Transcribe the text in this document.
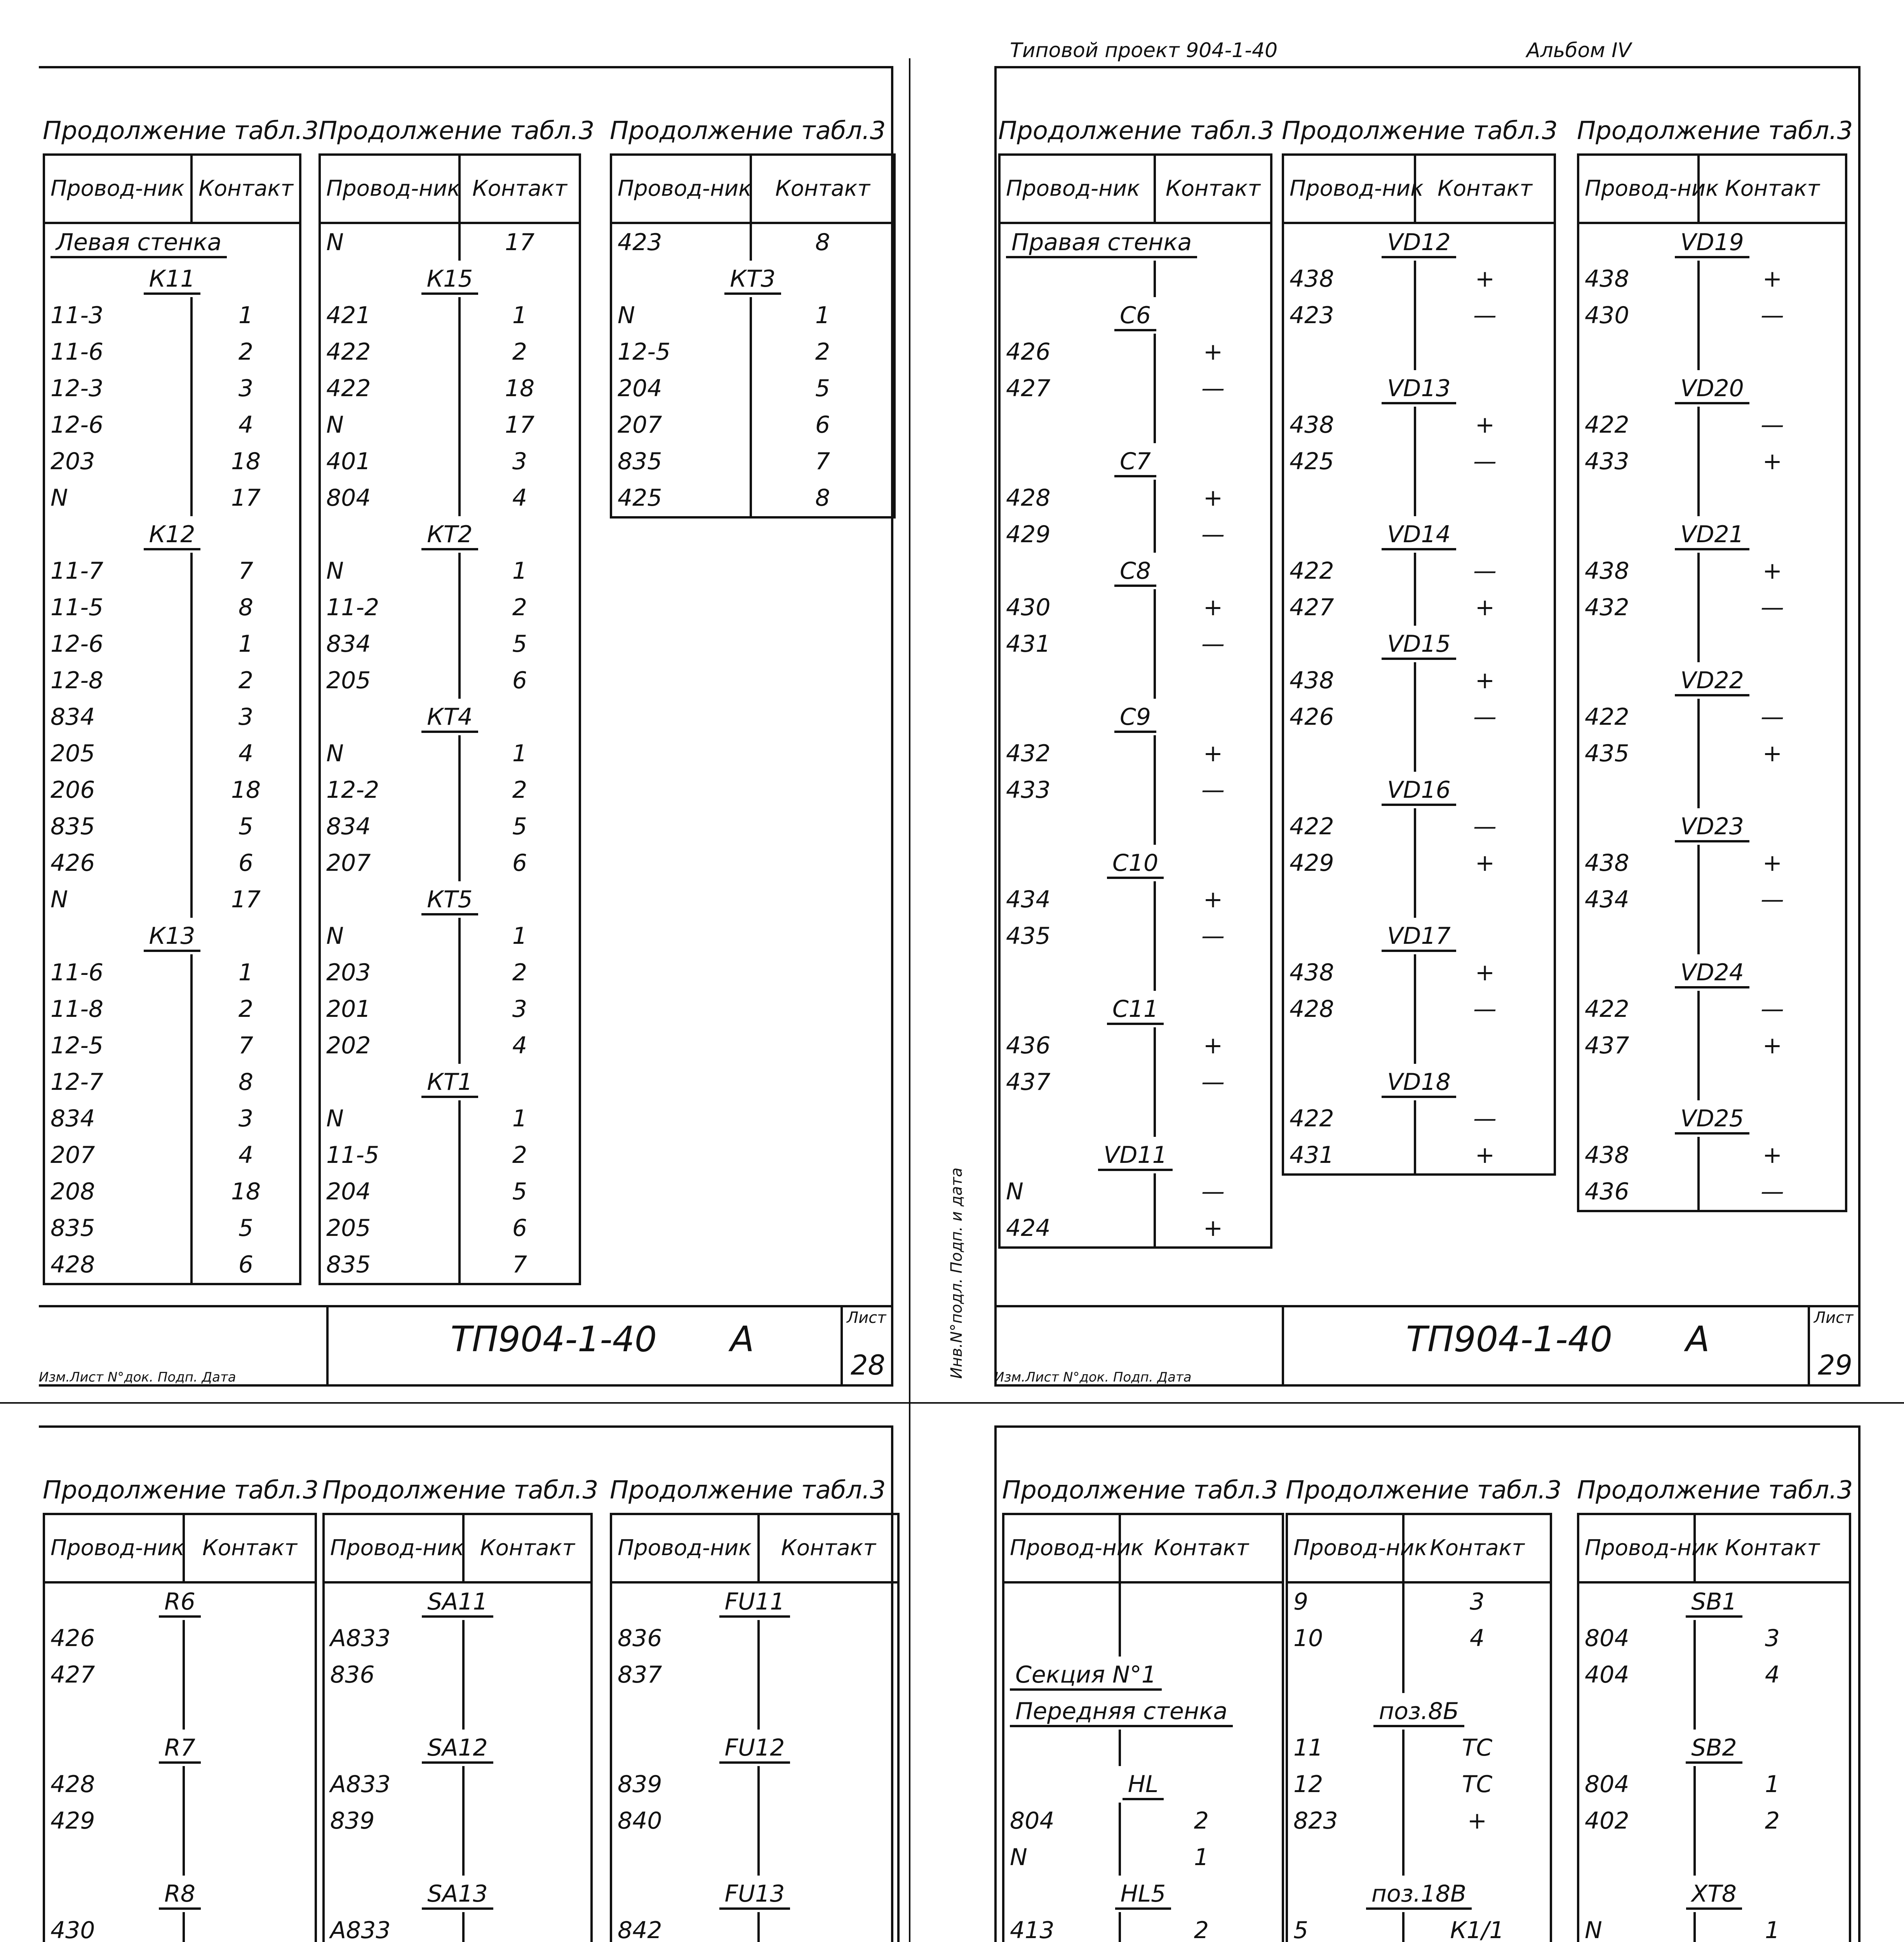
Типовой проект 904-1-40	Альбом IV
Инв.N°подл. Подп. и дата
Продолжение табл.3
Провод-ник	Контакт
Левая стенка	
К11	
11-3	1
11-6	2
12-3	3
12-6	4
203	18
N	17
К12	
11-7	7
11-5	8
12-6	1
12-8	2
834	3
205	4
206	18
835	5
426	6
N	17
К13	
11-6	1
11-8	2
12-5	7
12-7	8
834	3
207	4
208	18
835	5
428	6
Продолжение табл.3
Провод-ник	Контакт
N	17
К15	
421	1
422	2
422	18
N	17
401	3
804	4
КТ2	
N	1
11-2	2
834	5
205	6
КТ4	
N	1
12-2	2
834	5
207	6
КТ5	
N	1
203	2
201	3
202	4
КТ1	
N	1
11-5	2
204	5
205	6
835	7
Продолжение табл.3
Провод-ник	Контакт
423	8
КТ3	
N	1
12-5	2
204	5
207	6
835	7
425	8
Изм.Лист N°док. Подп. Дата
ТП904-1-40 А
Лист
28
Продолжение табл.3
Провод-ник	Контакт
Правая стенка	

С6	
426	+
427	—

С7	
428	+
429	—
С8	
430	+
431	—

С9	
432	+
433	—

С10	
434	+
435	—

С11	
436	+
437	—

VD11	
N	—
424	+
Продолжение табл.3
Провод-ник	Контакт
VD12	
438	+
423	—

VD13	
438	+
425	—

VD14	
422	—
427	+
VD15	
438	+
426	—

VD16	
422	—
429	+

VD17	
438	+
428	—

VD18	
422	—
431	+
Продолжение табл.3
Провод-ник	Контакт
VD19	
438	+
430	—

VD20	
422	—
433	+

VD21	
438	+
432	—

VD22	
422	—
435	+

VD23	
438	+
434	—

VD24	
422	—
437	+

VD25	
438	+
436	—
Изм.Лист N°док. Подп. Дата
ТП904-1-40 А
Лист
29
Продолжение табл.3
Провод-ник	Контакт
R6	
426	
427	

R7	
428	
429	

R8	
430	

Продолжение табл.3
Провод-ник	Контакт
SA11	
А833	
836	

SA12	
А833	
839	

SA13	
А833	

Продолжение табл.3
Провод-ник	Контакт
FU11	
836	
837	

FU12	
839	
840	

FU13	
842	

Продолжение табл.3
Провод-ник	Контакт

Секция N°1	
Передняя стенка	

HL	
804	2
N	1
HL5	
413	2

Продолжение табл.3
Провод-ник	Контакт
9	3
10	4

поз.8Б	
11	ТС
12	ТС
823	+

поз.18В	
5	К1/1

Продолжение табл.3
Провод-ник	Контакт
SB1	
804	3
404	4

SB2	
804	1
402	2

ХТ8	
N	1
